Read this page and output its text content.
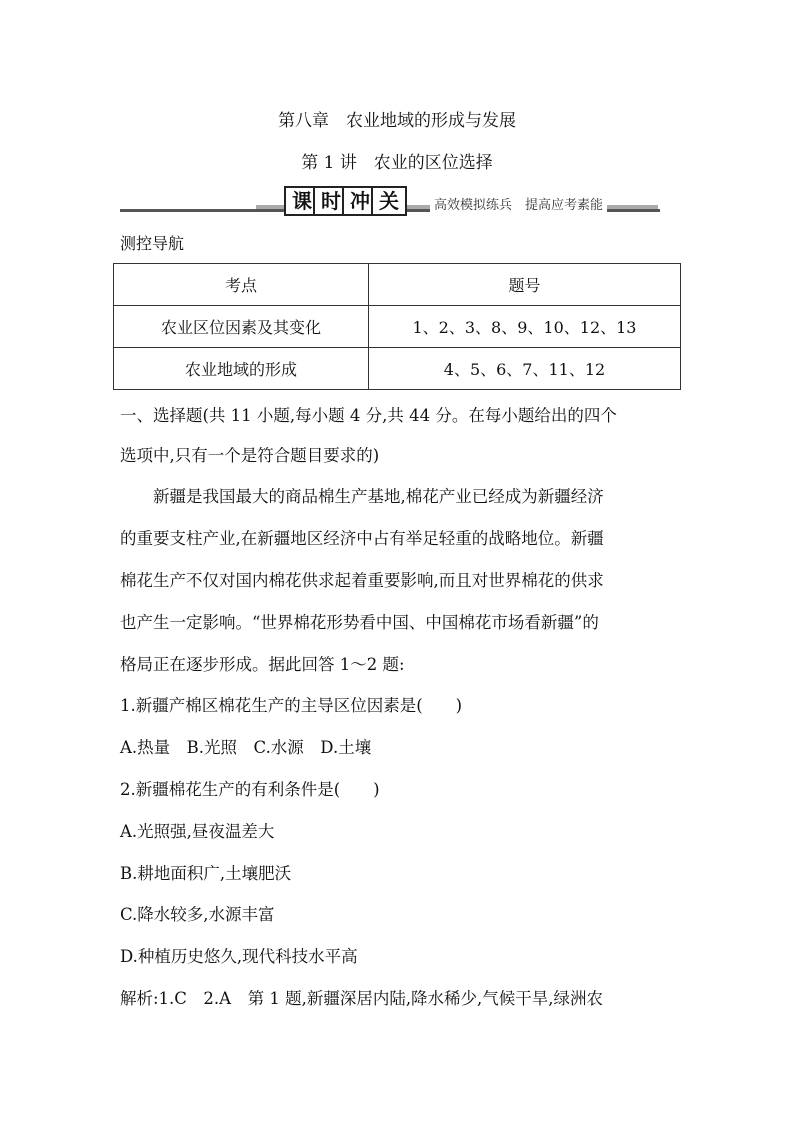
第八章　农业地域的形成与发展
第 1 讲　农业的区位选择
课 时 冲 关	高效模拟练兵　提高应考素能
测控导航
考点	题号
农业区位因素及其变化	1、2、3、8、9、10、12、13
农业地域的形成	4、5、6、7、11、12
一、选择题(共 11 小题,每小题 4 分,共 44 分。在每小题给出的四个
选项中,只有一个是符合题目要求的)
　　新疆是我国最大的商品棉生产基地,棉花产业已经成为新疆经济
的重要支柱产业,在新疆地区经济中占有举足轻重的战略地位。新疆
棉花生产不仅对国内棉花供求起着重要影响,而且对世界棉花的供求
也产生一定影响。“世界棉花形势看中国、中国棉花市场看新疆”的
格局正在逐步形成。据此回答 1～2 题:
1.新疆产棉区棉花生产的主导区位因素是(　　)
A.热量　B.光照　C.水源　D.土壤
2.新疆棉花生产的有利条件是(　　)
A.光照强,昼夜温差大
B.耕地面积广,土壤肥沃
C.降水较多,水源丰富
D.种植历史悠久,现代科技水平高
解析:1.C　2.A　第 1 题,新疆深居内陆,降水稀少,气候干旱,绿洲农
